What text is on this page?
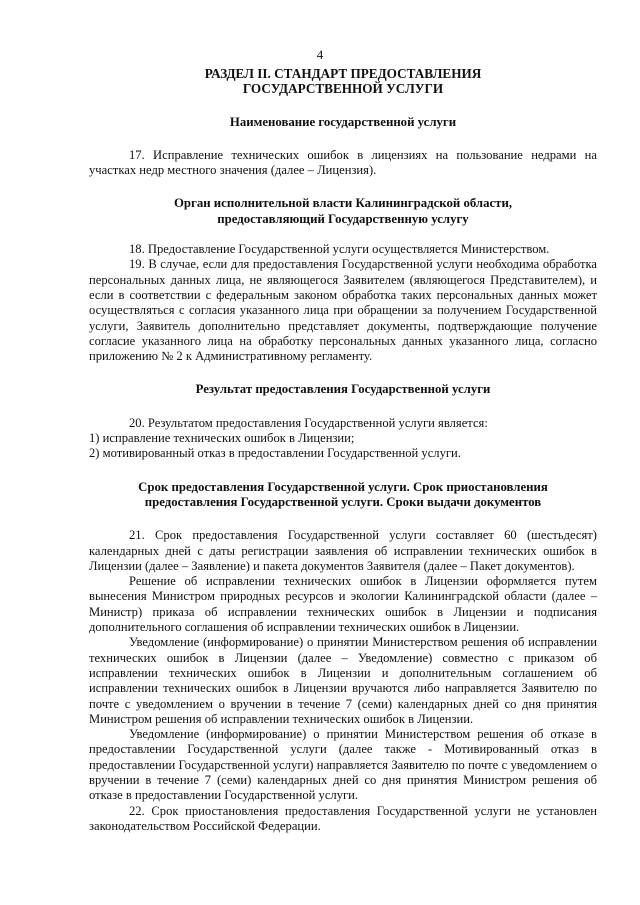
4
РАЗДЕЛ II. СТАНДАРТ ПРЕДОСТАВЛЕНИЯ
ГОСУДАРСТВЕННОЙ УСЛУГИ
Наименование государственной услуги

17. Исправление технических ошибок в лицензиях на пользование недрами на участках недр местного значения (далее – Лицензия).

Орган исполнительной власти Калининградской области,
предоставляющий Государственную услугу

18. Предоставление Государственной услуги осуществляется Министерством.

19. В случае, если для предоставления Государственной услуги необходима обработка персональных данных лица, не являющегося Заявителем (являющегося Представителем), и если в соответствии с федеральным законом обработка таких персональных данных может осуществляться с согласия указанного лица при обращении за получением Государственной услуги, Заявитель дополнительно представляет документы, подтверждающие получение согласие указанного лица на обработку персональных данных указанного лица, согласно приложению № 2 к Административному регламенту.

Результат предоставления Государственной услуги

20. Результатом предоставления Государственной услуги является:

1) исправление технических ошибок в Лицензии;

2) мотивированный отказ в предоставлении Государственной услуги.

Срок предоставления Государственной услуги. Срок приостановления
предоставления Государственной услуги. Сроки выдачи документов

21. Срок предоставления Государственной услуги составляет 60 (шестьдесят) календарных дней с даты регистрации заявления об исправлении технических ошибок в Лицензии (далее – Заявление) и пакета документов Заявителя (далее – Пакет документов).

Решение об исправлении технических ошибок в Лицензии оформляется путем вынесения Министром природных ресурсов и экологии Калининградской области (далее – Министр) приказа об исправлении технических ошибок в Лицензии и подписания дополнительного соглашения об исправлении технических ошибок в Лицензии.

Уведомление (информирование) о принятии Министерством решения об исправлении технических ошибок в Лицензии (далее – Уведомление) совместно с приказом об исправлении технических ошибок в Лицензии и дополнительным соглашением об исправлении технических ошибок в Лицензии вручаются либо направляется Заявителю по почте с уведомлением о вручении в течение 7 (семи) календарных дней со дня принятия Министром решения об исправлении технических ошибок в Лицензии.

Уведомление (информирование) о принятии Министерством решения об отказе в предоставлении Государственной услуги (далее также - Мотивированный отказ в предоставлении Государственной услуги) направляется Заявителю по почте с уведомлением о вручении в течение 7 (семи) календарных дней со дня принятия Министром решения об отказе в предоставлении Государственной услуги.

22. Срок приостановления предоставления Государственной услуги не установлен законодательством Российской Федерации.
